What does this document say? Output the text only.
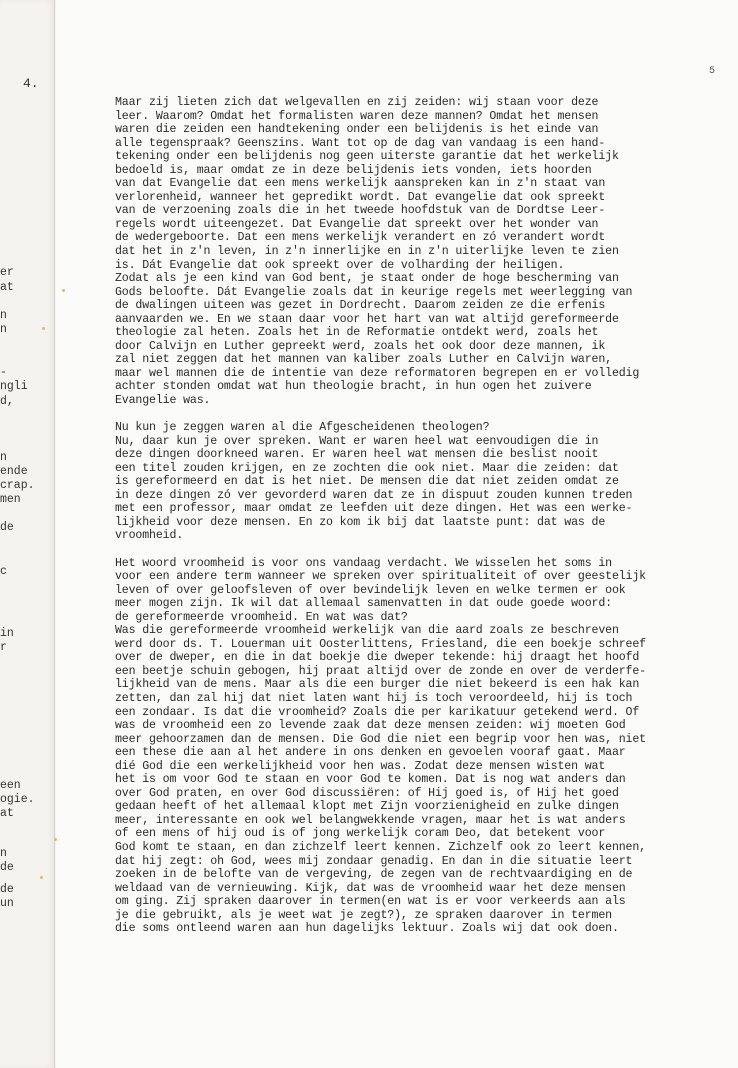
4.
er
at
n
n
-
ngli
d,
n
ende
crap.
men
de
c
in
r
een
ogie.
at
n
de
de
un
5
Maar zij lieten zich dat welgevallen en zij zeiden: wij staan voor deze
leer. Waarom? Omdat het formalisten waren deze mannen? Omdat het mensen
waren die zeiden een handtekening onder een belijdenis is het einde van
alle tegenspraak? Geenszins. Want tot op de dag van vandaag is een hand-
tekening onder een belijdenis nog geen uiterste garantie dat het werkelijk
bedoeld is, maar omdat ze in deze belijdenis iets vonden, iets hoorden
van dat Evangelie dat een mens werkelijk aanspreken kan in z'n staat van
verlorenheid, wanneer het gepredikt wordt. Dat evangelie dat ook spreekt
van de verzoening zoals die in het tweede hoofdstuk van de Dordtse Leer-
regels wordt uiteengezet. Dat Evangelie dat spreekt over het wonder van
de wedergeboorte. Dat een mens werkelijk verandert en zó verandert wordt
dat het in z'n leven, in z'n innerlijke en in z'n uiterlijke leven te zien
is. Dát Evangelie dat ook spreekt over de volharding der heiligen.
Zodat als je een kind van God bent, je staat onder de hoge bescherming van
Gods beloofte. Dát Evangelie zoals dat in keurige regels met weerlegging van
de dwalingen uiteen was gezet in Dordrecht. Daarom zeiden ze die erfenis
aanvaarden we. En we staan daar voor het hart van wat altijd gereformeerde
theologie zal heten. Zoals het in de Reformatie ontdekt werd, zoals het
door Calvijn en Luther gepreekt werd, zoals het ook door deze mannen, ik
zal niet zeggen dat het mannen van kaliber zoals Luther en Calvijn waren,
maar wel mannen die de intentie van deze reformatoren begrepen en er volledig
achter stonden omdat wat hun theologie bracht, in hun ogen het zuivere
Evangelie was.
Nu kun je zeggen waren al die Afgescheidenen theologen?
Nu, daar kun je over spreken. Want er waren heel wat eenvoudigen die in
deze dingen doorkneed waren. Er waren heel wat mensen die beslist nooit
een titel zouden krijgen, en ze zochten die ook niet. Maar die zeiden: dat
is gereformeerd en dat is het niet. De mensen die dat niet zeiden omdat ze
in deze dingen zó ver gevorderd waren dat ze in dispuut zouden kunnen treden
met een professor, maar omdat ze leefden uit deze dingen. Het was een werke-
lijkheid voor deze mensen. En zo kom ik bij dat laatste punt: dat was de
vroomheid.
Het woord vroomheid is voor ons vandaag verdacht. We wisselen het soms in
voor een andere term wanneer we spreken over spiritualiteit of over geestelijk
leven of over geloofsleven of over bevindelijk leven en welke termen er ook
meer mogen zijn. Ik wil dat allemaal samenvatten in dat oude goede woord:
de gereformeerde vroomheid. En wat was dat?
Was die gereformeerde vroomheid werkelijk van die aard zoals ze beschreven
werd door ds. T. Louerman uit Oosterlittens, Friesland, die een boekje schreef
over de dweper, en die in dat boekje die dweper tekende: hij draagt het hoofd
een beetje schuin gebogen, hij praat altijd over de zonde en over de verderfe-
lijkheid van de mens. Maar als die een burger die niet bekeerd is een hak kan
zetten, dan zal hij dat niet laten want hij is toch veroordeeld, hij is toch
een zondaar. Is dat die vroomheid? Zoals die per karikatuur getekend werd. Of
was de vroomheid een zo levende zaak dat deze mensen zeiden: wij moeten God
meer gehoorzamen dan de mensen. Die God die niet een begrip voor hen was, niet
een these die aan al het andere in ons denken en gevoelen vooraf gaat. Maar
dié God die een werkelijkheid voor hen was. Zodat deze mensen wisten wat
het is om voor God te staan en voor God te komen. Dat is nog wat anders dan
over God praten, en over God discussiëren: of Hij goed is, of Hij het goed
gedaan heeft of het allemaal klopt met Zijn voorzienigheid en zulke dingen
meer, interessante en ook wel belangwekkende vragen, maar het is wat anders
of een mens of hij oud is of jong werkelijk coram Deo, dat betekent voor
God komt te staan, en dan zichzelf leert kennen. Zichzelf ook zo leert kennen,
dat hij zegt: oh God, wees mij zondaar genadig. En dan in die situatie leert
zoeken in de belofte van de vergeving, de zegen van de rechtvaardiging en de
weldaad van de vernieuwing. Kijk, dat was de vroomheid waar het deze mensen
om ging. Zij spraken daarover in termen(en wat is er voor verkeerds aan als
je die gebruikt, als je weet wat je zegt?), ze spraken daarover in termen
die soms ontleend waren aan hun dagelijks lektuur. Zoals wij dat ook doen.
